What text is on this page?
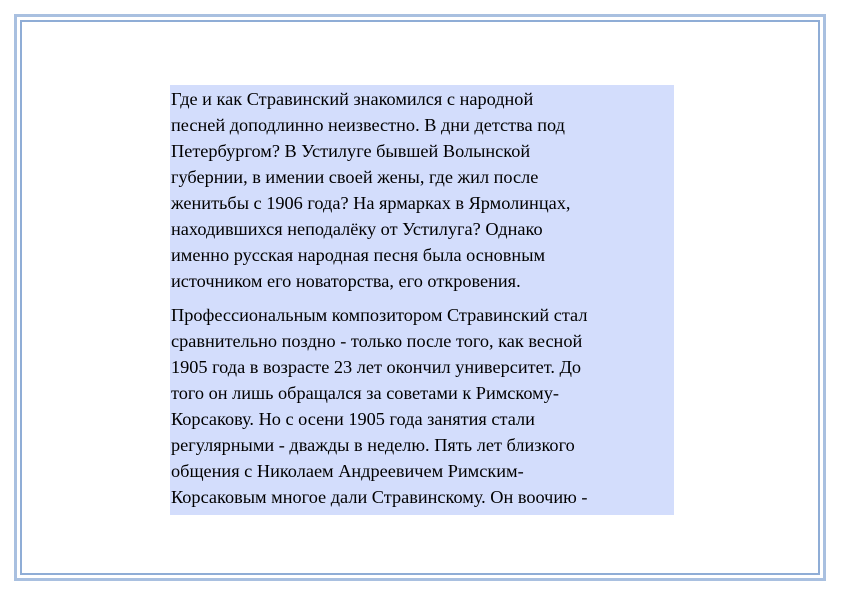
Где и как Стравинский знакомился с народной
песней доподлинно неизвестно. В дни детства под
Петербургом? В Устилуге бывшей Волынской
губернии, в имении своей жены, где жил после
женитьбы с 1906 года? На ярмарках в Ярмолинцах,
находившихся неподалёку от Устилуга? Однако
именно русская народная песня была основным
источником его новаторства, его откровения.

Профессиональным композитором Стравинский стал
сравнительно поздно - только после того, как весной
1905 года в возрасте 23 лет окончил университет. До
того он лишь обращался за советами к Римскому-
Корсакову. Но с осени 1905 года занятия стали
регулярными - дважды в неделю. Пять лет близкого
общения с Николаем Андреевичем Римским-
Корсаковым многое дали Стравинскому. Он воочию -
